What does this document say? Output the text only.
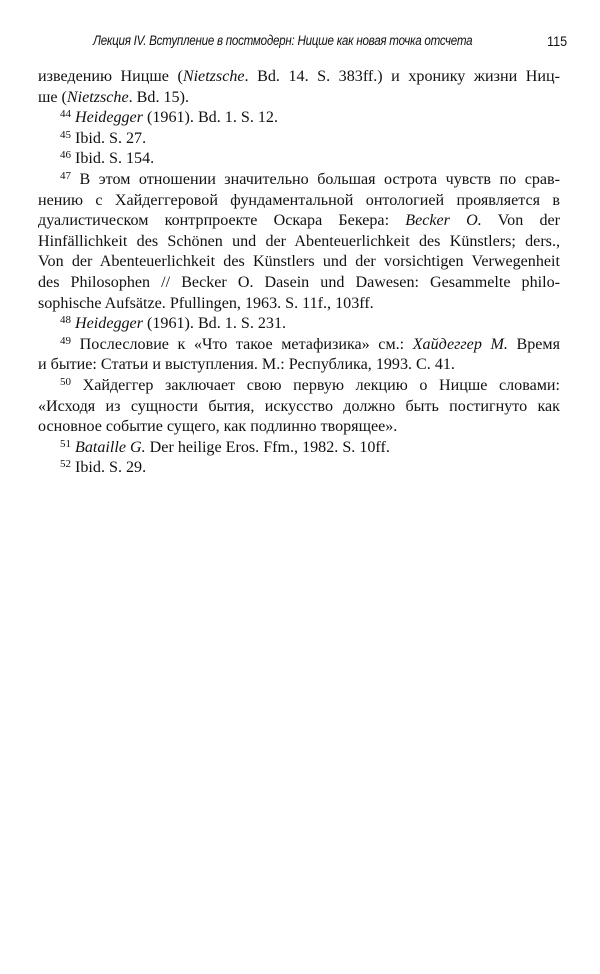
Лекция IV. Вступление в постмодерн: Ницше как новая точка отсчета	115
изведению Ницше (Nietzsche. Bd. 14. S. 383ff.) и хронику жизни Ниц-
ше (Nietzsche. Bd. 15).
$^{44}$ Heidegger (1961). Bd. 1. S. 12.
$^{45}$ Ibid. S. 27.
$^{46}$ Ibid. S. 154.
$^{47}$ В этом отношении значительно большая острота чувств по срав-
нению с Хайдеггеровой фундаментальной онтологией проявляется в
дуалистическом контрпроекте Оскара Бекера: Becker O. Von der
Hinfällichkeit des Schönen und der Abenteuerlichkeit des Künstlers; ders.,
Von der Abenteuerlichkeit des Künstlers und der vorsichtigen Verwegenheit
des Philosophen // Becker O. Dasein und Dawesen: Gesammelte philo-
sophische Aufsätze. Pfullingen, 1963. S. 11f., 103ff.
$^{48}$ Heidegger (1961). Bd. 1. S. 231.
$^{49}$ Послесловие к «Что такое метафизика» см.: Хайдеггер М. Время
и бытие: Статьи и выступления. М.: Республика, 1993. С. 41.
$^{50}$ Хайдеггер заключает свою первую лекцию о Ницше словами:
«Исходя из сущности бытия, искусство должно быть постигнуто как
основное событие сущего, как подлинно творящее».
$^{51}$ Bataille G. Der heilige Eros. Ffm., 1982. S. 10ff.
$^{52}$ Ibid. S. 29.
